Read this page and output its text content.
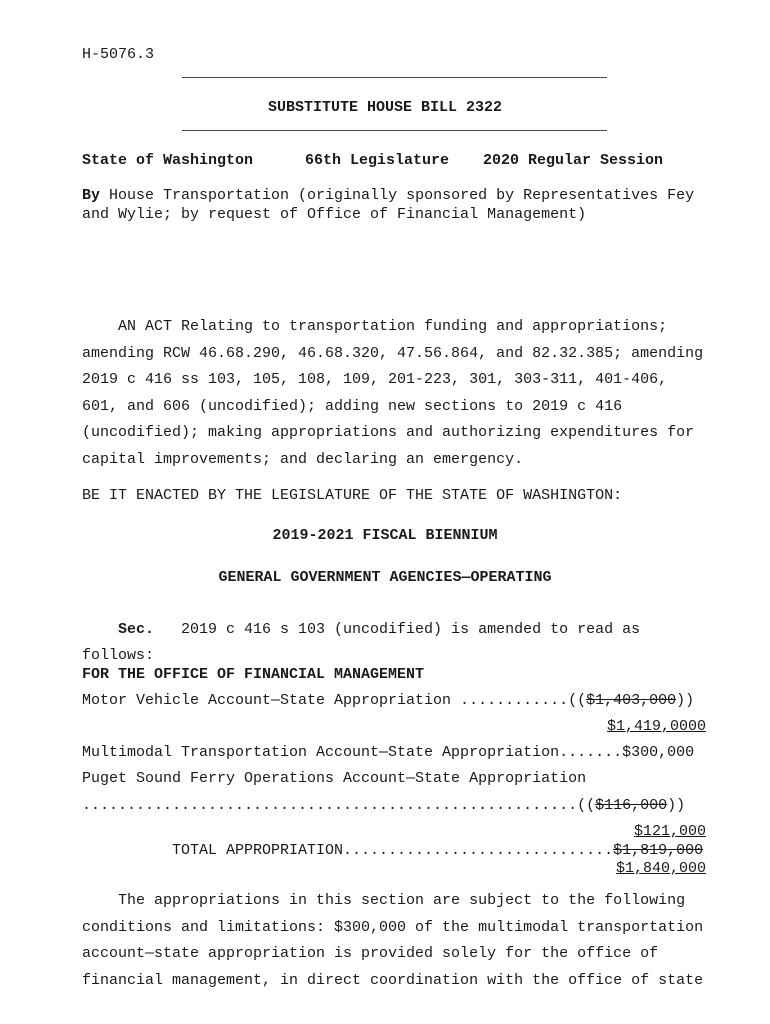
H-5076.3
SUBSTITUTE HOUSE BILL 2322
State of Washington	66th Legislature 2020 Regular Session
By House Transportation (originally sponsored by Representatives Fey
and Wylie; by request of Office of Financial Management)
AN ACT Relating to transportation funding and appropriations;
amending RCW 46.68.290, 46.68.320, 47.56.864, and 82.32.385; amending
2019 c 416 ss 103, 105, 108, 109, 201-223, 301, 303-311, 401-406,
601, and 606 (uncodified); adding new sections to 2019 c 416
(uncodified); making appropriations and authorizing expenditures for
capital improvements; and declaring an emergency.
BE IT ENACTED BY THE LEGISLATURE OF THE STATE OF WASHINGTON:
2019-2021 FISCAL BIENNIUM
GENERAL GOVERNMENT AGENCIES—OPERATING
Sec.   2019 c 416 s 103 (uncodified) is amended to read as
follows:
FOR THE OFFICE OF FINANCIAL MANAGEMENT
Motor Vehicle Account—State Appropriation ............(($1,403,000))
$1,419,0000
Multimodal Transportation Account—State Appropriation.......$300,000
Puget Sound Ferry Operations Account—State Appropriation
.......................................................(($116,000))
$121,000
TOTAL APPROPRIATION..............................$1,819,000
$1,840,000
The appropriations in this section are subject to the following
conditions and limitations: $300,000 of the multimodal transportation
account—state appropriation is provided solely for the office of
financial management, in direct coordination with the office of state
